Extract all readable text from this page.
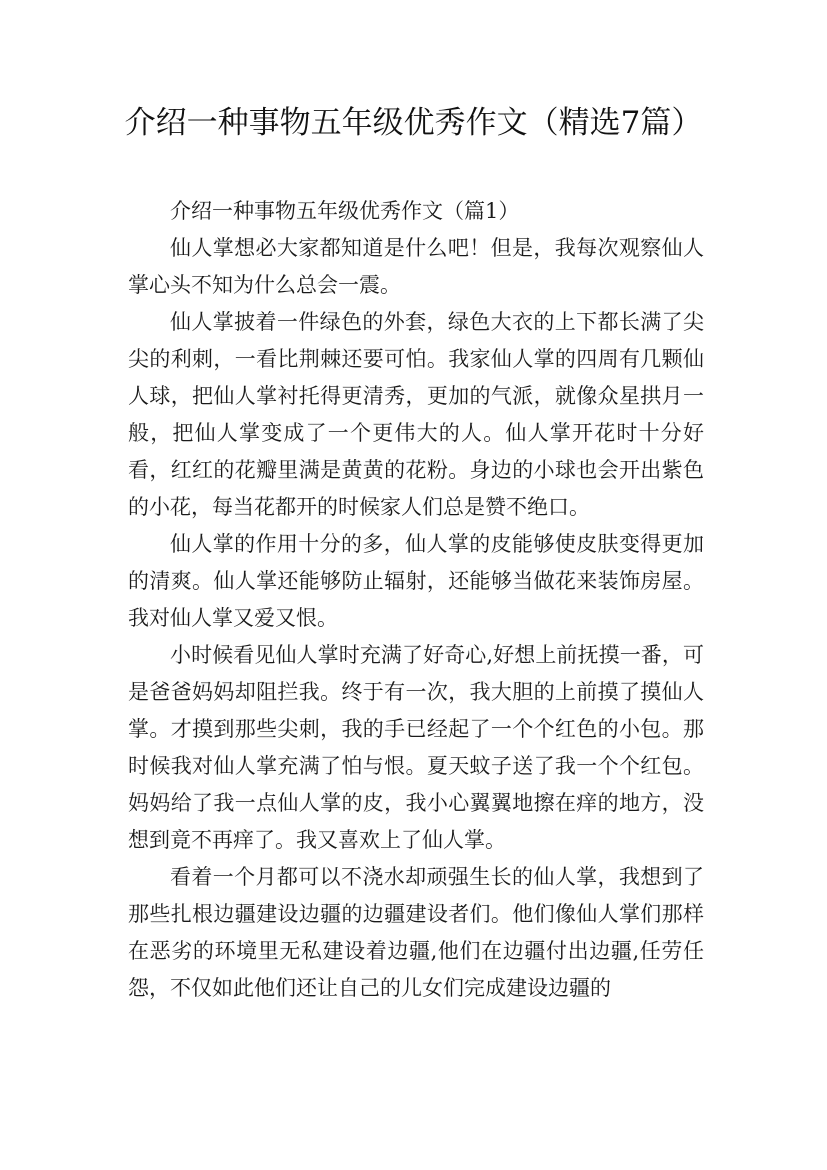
介绍一种事物五年级优秀作文（精选7篇）

介绍一种事物五年级优秀作文（篇1）

仙人掌想必大家都知道是什么吧！但是，我每次观察仙人掌心头不知为什么总会一震。

仙人掌披着一件绿色的外套，绿色大衣的上下都长满了尖尖的利刺，一看比荆棘还要可怕。我家仙人掌的四周有几颗仙人球，把仙人掌衬托得更清秀，更加的气派，就像众星拱月一般，把仙人掌变成了一个更伟大的人。仙人掌开花时十分好看，红红的花瓣里满是黄黄的花粉。身边的小球也会开出紫色的小花，每当花都开的时候家人们总是赞不绝口。

仙人掌的作用十分的多，仙人掌的皮能够使皮肤变得更加的清爽。仙人掌还能够防止辐射，还能够当做花来装饰房屋。我对仙人掌又爱又恨。

小时候看见仙人掌时充满了好奇心,好想上前抚摸一番，可是爸爸妈妈却阻拦我。终于有一次，我大胆的上前摸了摸仙人掌。才摸到那些尖刺，我的手已经起了一个个红色的小包。那时候我对仙人掌充满了怕与恨。夏天蚊子送了我一个个红包。妈妈给了我一点仙人掌的皮，我小心翼翼地擦在痒的地方，没想到竟不再痒了。我又喜欢上了仙人掌。

看着一个月都可以不浇水却顽强生长的仙人掌，我想到了那些扎根边疆建设边疆的边疆建设者们。他们像仙人掌们那样在恶劣的环境里无私建设着边疆,他们在边疆付出边疆,任劳任怨，不仅如此他们还让自己的儿女们完成建设边疆的
